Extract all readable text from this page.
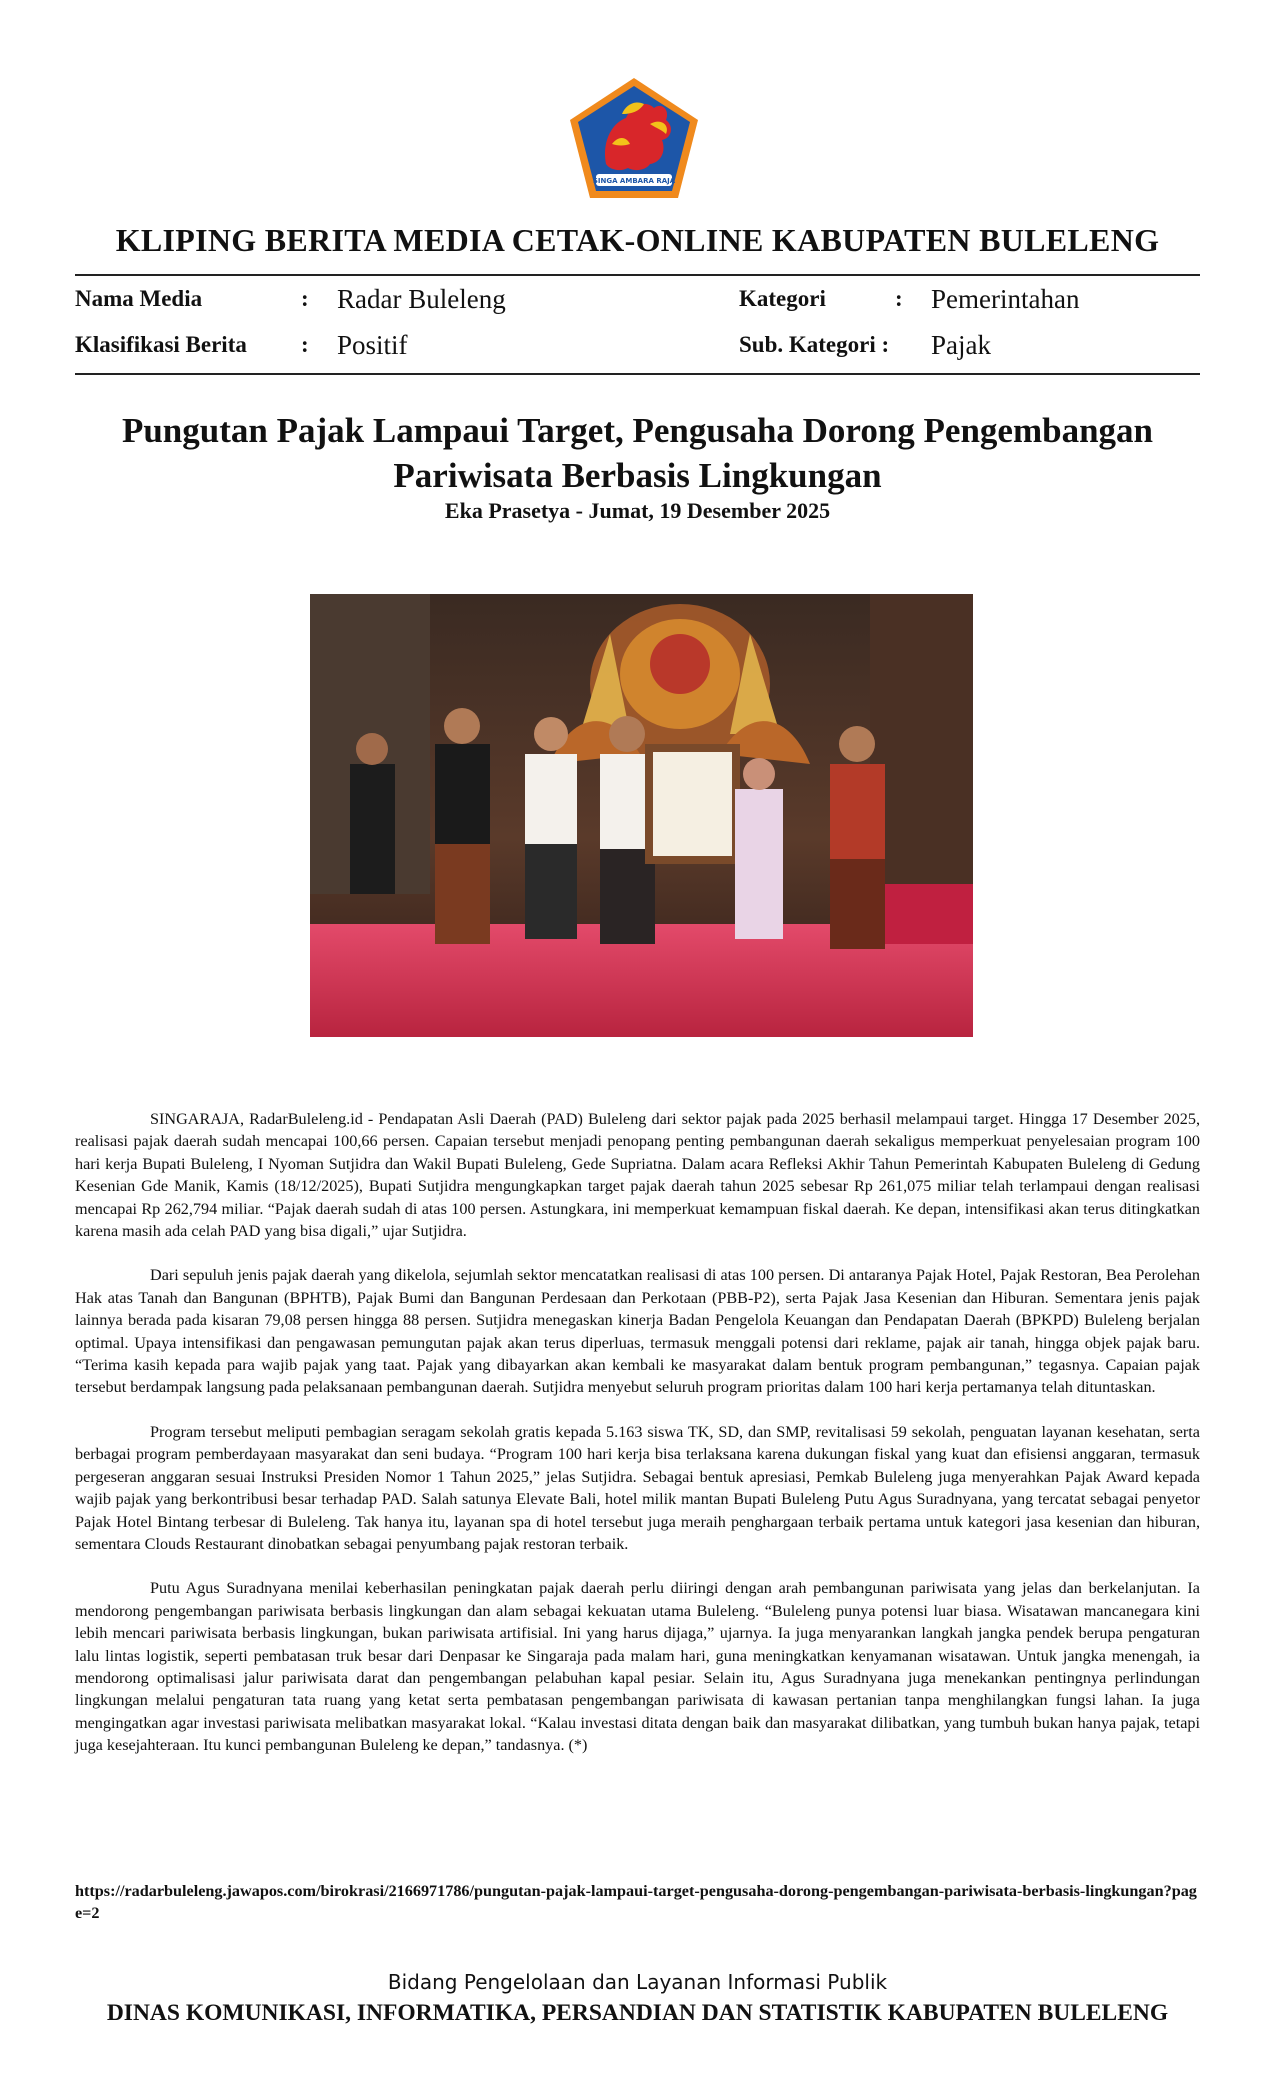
SINGA AMBARA RAJA
KLIPING BERITA MEDIA CETAK-ONLINE KABUPATEN BULELENG
Nama Media	: Radar Buleleng	Kategori	: Pemerintahan
Klasifikasi Berita : Positif	Sub. Kategori : Pajak
Pungutan Pajak Lampaui Target, Pengusaha Dorong Pengembangan Pariwisata Berbasis Lingkungan
Eka Prasetya - Jumat, 19 Desember 2025

SINGARAJA, RadarBuleleng.id - Pendapatan Asli Daerah (PAD) Buleleng dari sektor pajak pada 2025 berhasil melampaui target. Hingga 17 Desember 2025, realisasi pajak daerah sudah mencapai 100,66 persen. Capaian tersebut menjadi penopang penting pembangunan daerah sekaligus memperkuat penyelesaian program 100 hari kerja Bupati Buleleng, I Nyoman Sutjidra dan Wakil Bupati Buleleng, Gede Supriatna. Dalam acara Refleksi Akhir Tahun Pemerintah Kabupaten Buleleng di Gedung Kesenian Gde Manik, Kamis (18/12/2025), Bupati Sutjidra mengungkapkan target pajak daerah tahun 2025 sebesar Rp 261,075 miliar telah terlampaui dengan realisasi mencapai Rp 262,794 miliar. “Pajak daerah sudah di atas 100 persen. Astungkara, ini memperkuat kemampuan fiskal daerah. Ke depan, intensifikasi akan terus ditingkatkan karena masih ada celah PAD yang bisa digali,” ujar Sutjidra.

Dari sepuluh jenis pajak daerah yang dikelola, sejumlah sektor mencatatkan realisasi di atas 100 persen. Di antaranya Pajak Hotel, Pajak Restoran, Bea Perolehan Hak atas Tanah dan Bangunan (BPHTB), Pajak Bumi dan Bangunan Perdesaan dan Perkotaan (PBB-P2), serta Pajak Jasa Kesenian dan Hiburan. Sementara jenis pajak lainnya berada pada kisaran 79,08 persen hingga 88 persen. Sutjidra menegaskan kinerja Badan Pengelola Keuangan dan Pendapatan Daerah (BPKPD) Buleleng berjalan optimal. Upaya intensifikasi dan pengawasan pemungutan pajak akan terus diperluas, termasuk menggali potensi dari reklame, pajak air tanah, hingga objek pajak baru. “Terima kasih kepada para wajib pajak yang taat. Pajak yang dibayarkan akan kembali ke masyarakat dalam bentuk program pembangunan,” tegasnya. Capaian pajak tersebut berdampak langsung pada pelaksanaan pembangunan daerah. Sutjidra menyebut seluruh program prioritas dalam 100 hari kerja pertamanya telah dituntaskan.

Program tersebut meliputi pembagian seragam sekolah gratis kepada 5.163 siswa TK, SD, dan SMP, revitalisasi 59 sekolah, penguatan layanan kesehatan, serta berbagai program pemberdayaan masyarakat dan seni budaya. “Program 100 hari kerja bisa terlaksana karena dukungan fiskal yang kuat dan efisiensi anggaran, termasuk pergeseran anggaran sesuai Instruksi Presiden Nomor 1 Tahun 2025,” jelas Sutjidra. Sebagai bentuk apresiasi, Pemkab Buleleng juga menyerahkan Pajak Award kepada wajib pajak yang berkontribusi besar terhadap PAD. Salah satunya Elevate Bali, hotel milik mantan Bupati Buleleng Putu Agus Suradnyana, yang tercatat sebagai penyetor Pajak Hotel Bintang terbesar di Buleleng. Tak hanya itu, layanan spa di hotel tersebut juga meraih penghargaan terbaik pertama untuk kategori jasa kesenian dan hiburan, sementara Clouds Restaurant dinobatkan sebagai penyumbang pajak restoran terbaik.

Putu Agus Suradnyana menilai keberhasilan peningkatan pajak daerah perlu diiringi dengan arah pembangunan pariwisata yang jelas dan berkelanjutan. Ia mendorong pengembangan pariwisata berbasis lingkungan dan alam sebagai kekuatan utama Buleleng. “Buleleng punya potensi luar biasa. Wisatawan mancanegara kini lebih mencari pariwisata berbasis lingkungan, bukan pariwisata artifisial. Ini yang harus dijaga,” ujarnya. Ia juga menyarankan langkah jangka pendek berupa pengaturan lalu lintas logistik, seperti pembatasan truk besar dari Denpasar ke Singaraja pada malam hari, guna meningkatkan kenyamanan wisatawan. Untuk jangka menengah, ia mendorong optimalisasi jalur pariwisata darat dan pengembangan pelabuhan kapal pesiar. Selain itu, Agus Suradnyana juga menekankan pentingnya perlindungan lingkungan melalui pengaturan tata ruang yang ketat serta pembatasan pengembangan pariwisata di kawasan pertanian tanpa menghilangkan fungsi lahan. Ia juga mengingatkan agar investasi pariwisata melibatkan masyarakat lokal. “Kalau investasi ditata dengan baik dan masyarakat dilibatkan, yang tumbuh bukan hanya pajak, tetapi juga kesejahteraan. Itu kunci pembangunan Buleleng ke depan,” tandasnya. (*)

https://radarbuleleng.jawapos.com/birokrasi/2166971786/pungutan-pajak-lampaui-target-pengusaha-dorong-pengembangan-pariwisata-berbasis-lingkungan?page=2
Bidang Pengelolaan dan Layanan Informasi Publik
DINAS KOMUNIKASI, INFORMATIKA, PERSANDIAN DAN STATISTIK KABUPATEN BULELENG
